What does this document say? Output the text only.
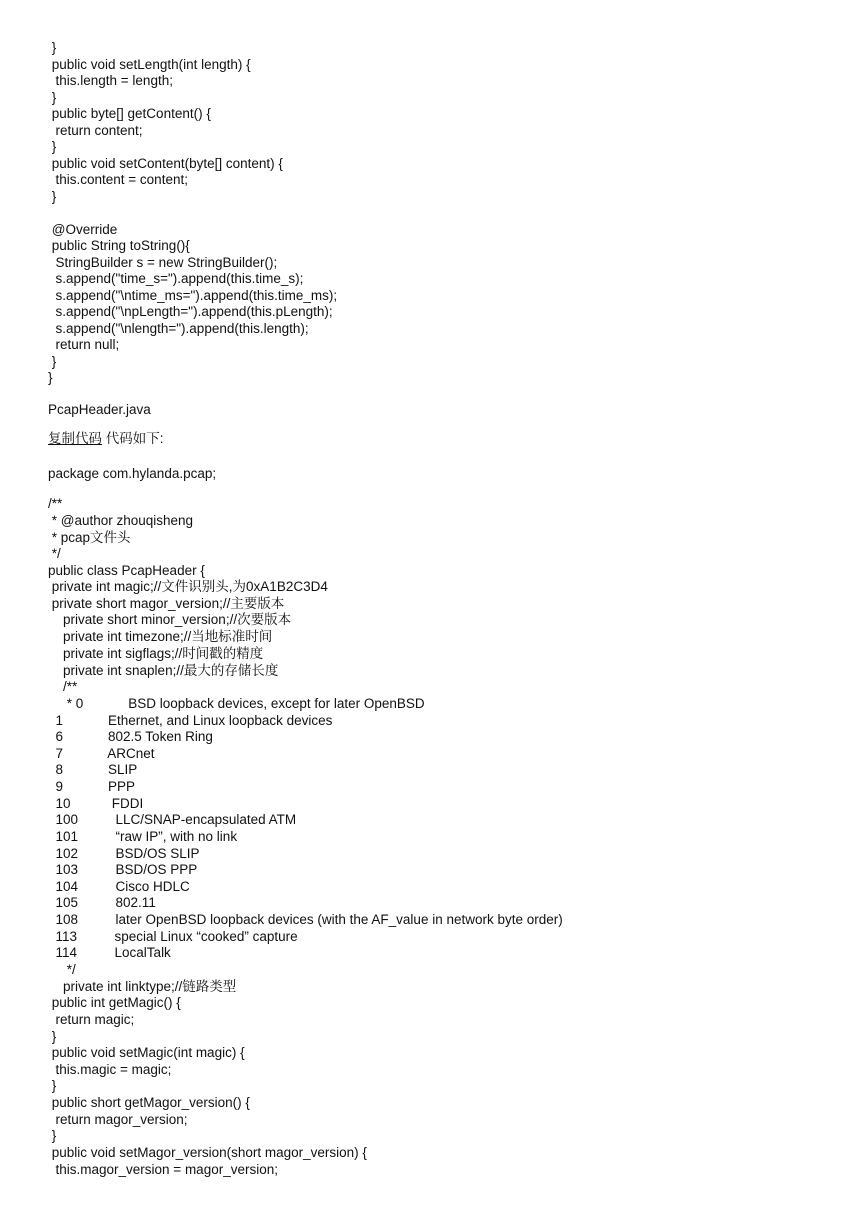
}
public void setLength(int length) {
this.length = length;
}
public byte[] getContent() {
return content;
}
public void setContent(byte[] content) {
this.content = content;
}
@Override
public String toString(){
StringBuilder s = new StringBuilder();
s.append("time_s=").append(this.time_s);
s.append("\ntime_ms=").append(this.time_ms);
s.append("\npLength=").append(this.pLength);
s.append("\nlength=").append(this.length);
return null;
}
}
PcapHeader.java
复制代码 代码如下:
package com.hylanda.pcap;
/**
* @author zhouqisheng
* pcap文件头
*/
public class PcapHeader {
private int magic;//文件识别头,为0xA1B2C3D4
private short magor_version;//主要版本
private short minor_version;//次要版本
private int timezone;//当地标准时间
private int sigflags;//时间戳的精度
private int snaplen;//最大的存储长度
/**
* 0            BSD loopback devices, except for later OpenBSD
1            Ethernet, and Linux loopback devices
6            802.5 Token Ring
7            ARCnet
8            SLIP
9            PPP
10           FDDI
100          LLC/SNAP-encapsulated ATM
101          “raw IP”, with no link
102          BSD/OS SLIP
103          BSD/OS PPP
104          Cisco HDLC
105          802.11
108          later OpenBSD loopback devices (with the AF_value in network byte order)
113          special Linux “cooked” capture
114          LocalTalk
*/
private int linktype;//链路类型
public int getMagic() {
return magic;
}
public void setMagic(int magic) {
this.magic = magic;
}
public short getMagor_version() {
return magor_version;
}
public void setMagor_version(short magor_version) {
this.magor_version = magor_version;
